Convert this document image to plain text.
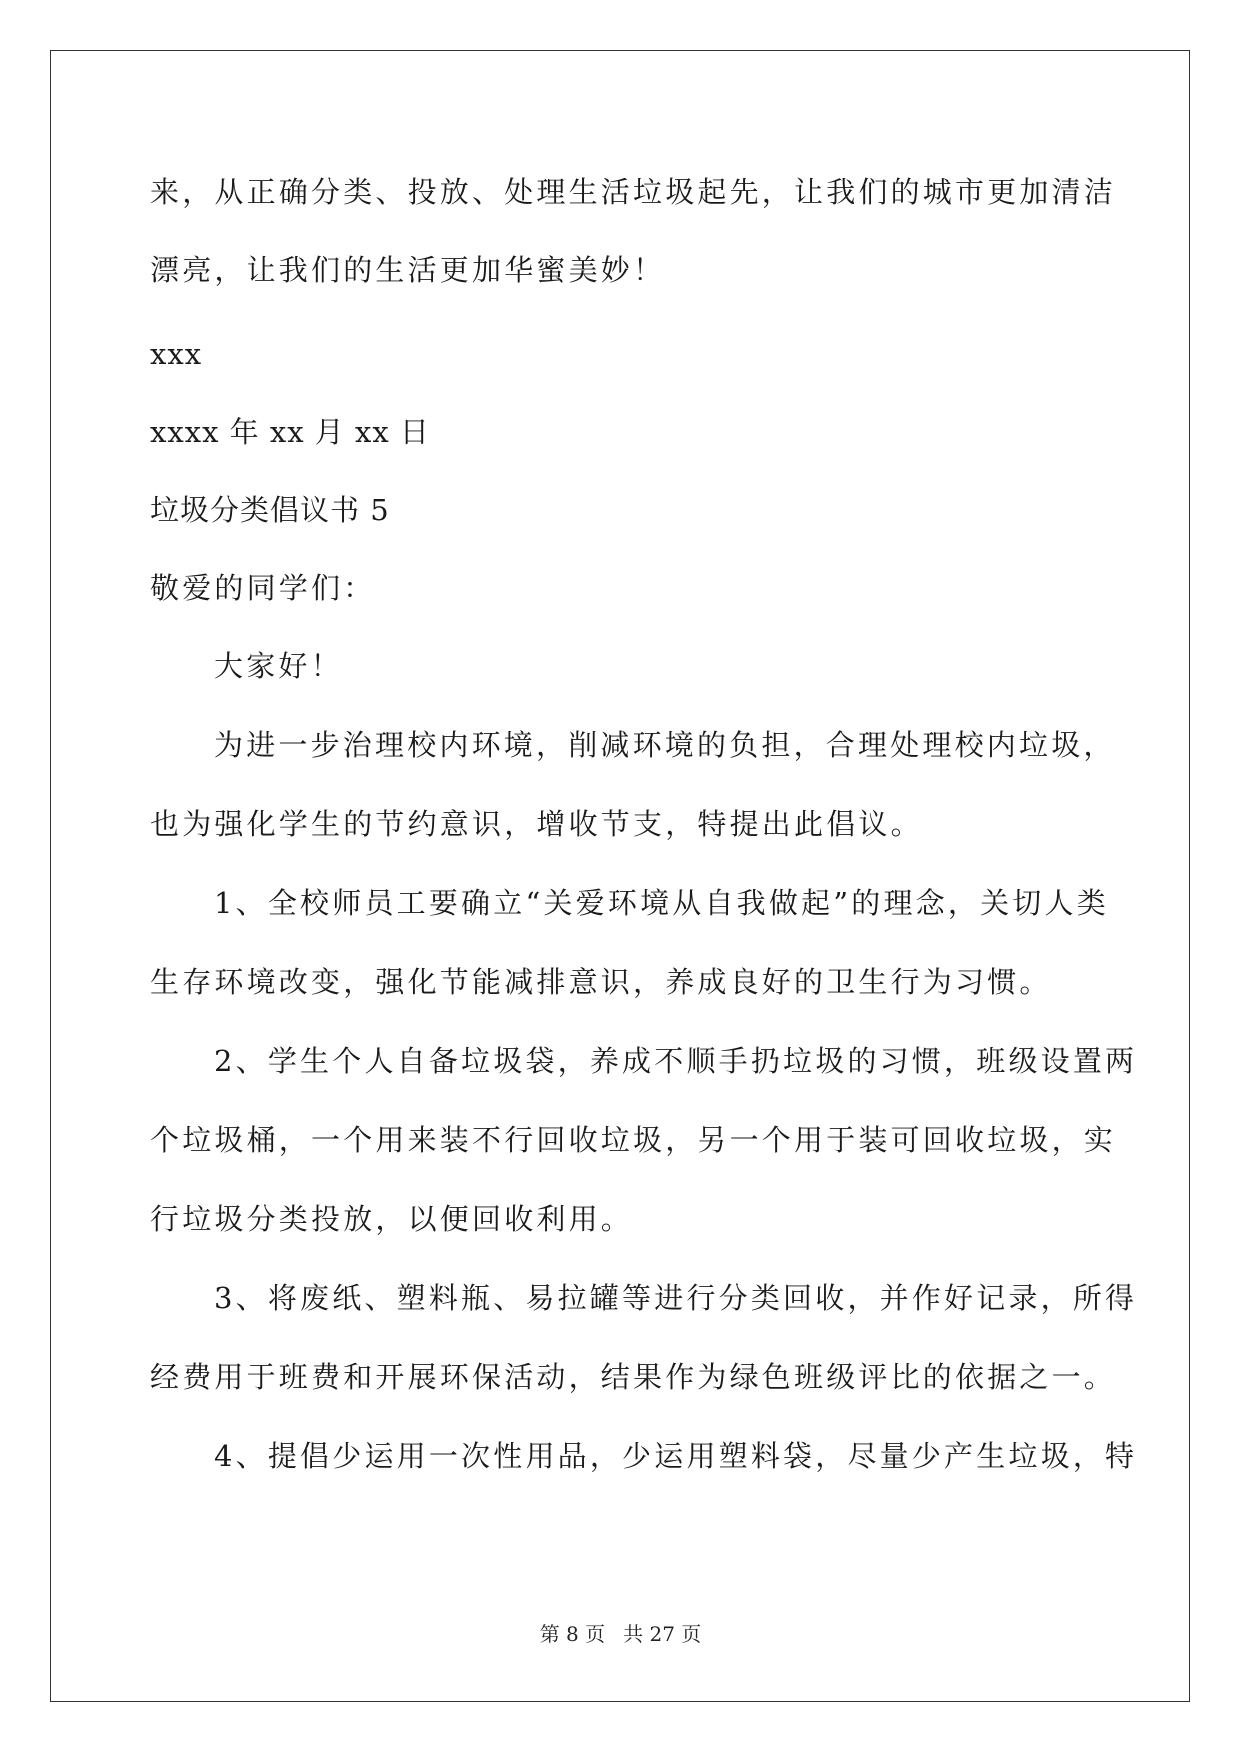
来，从正确分类、投放、处理生活垃圾起先，让我们的城市更加清洁
漂亮，让我们的生活更加华蜜美妙！
xxx
xxxx 年 xx 月 xx 日
垃圾分类倡议书 5
敬爱的同学们：
大家好！
为进一步治理校内环境，削减环境的负担，合理处理校内垃圾，
也为强化学生的节约意识，增收节支，特提出此倡议。
1、全校师员工要确立“关爱环境从自我做起”的理念，关切人类
生存环境改变，强化节能减排意识，养成良好的卫生行为习惯。
2、学生个人自备垃圾袋，养成不顺手扔垃圾的习惯，班级设置两
个垃圾桶，一个用来装不行回收垃圾，另一个用于装可回收垃圾，实
行垃圾分类投放，以便回收利用。
3、将废纸、塑料瓶、易拉罐等进行分类回收，并作好记录，所得
经费用于班费和开展环保活动，结果作为绿色班级评比的依据之一。
4、提倡少运用一次性用品，少运用塑料袋，尽量少产生垃圾，特
第 8 页 共 27 页
